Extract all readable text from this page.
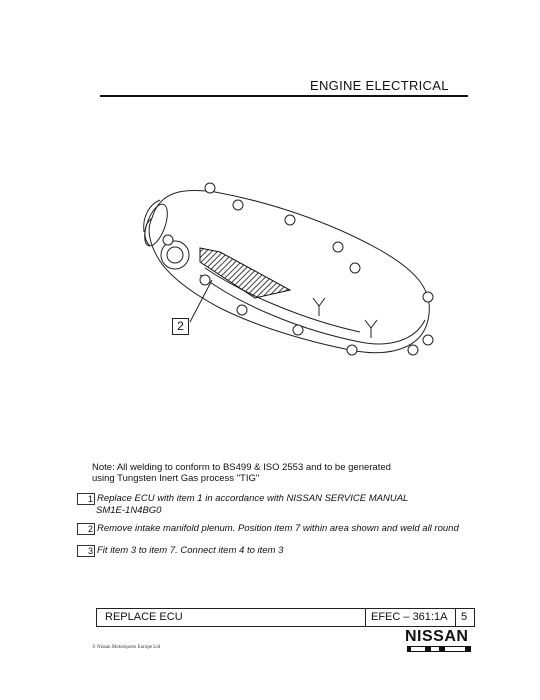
ENGINE ELECTRICAL
2
Note: All welding to conform to BS499 & ISO 2553 and to be generated
using Tungsten Inert Gas process "TIG"
1 Replace ECU with item 1 in accordance with NISSAN SERVICE MANUAL
SM1E-1N4BG0
2 Remove intake manifold plenum. Position item 7 within area shown and weld all round
3 Fit item 3 to item 7. Connect item 4 to item 3
REPLACE ECU	EFEC – 361:1A 5
© Nissan Motorsports Europe Ltd
NISSAN
